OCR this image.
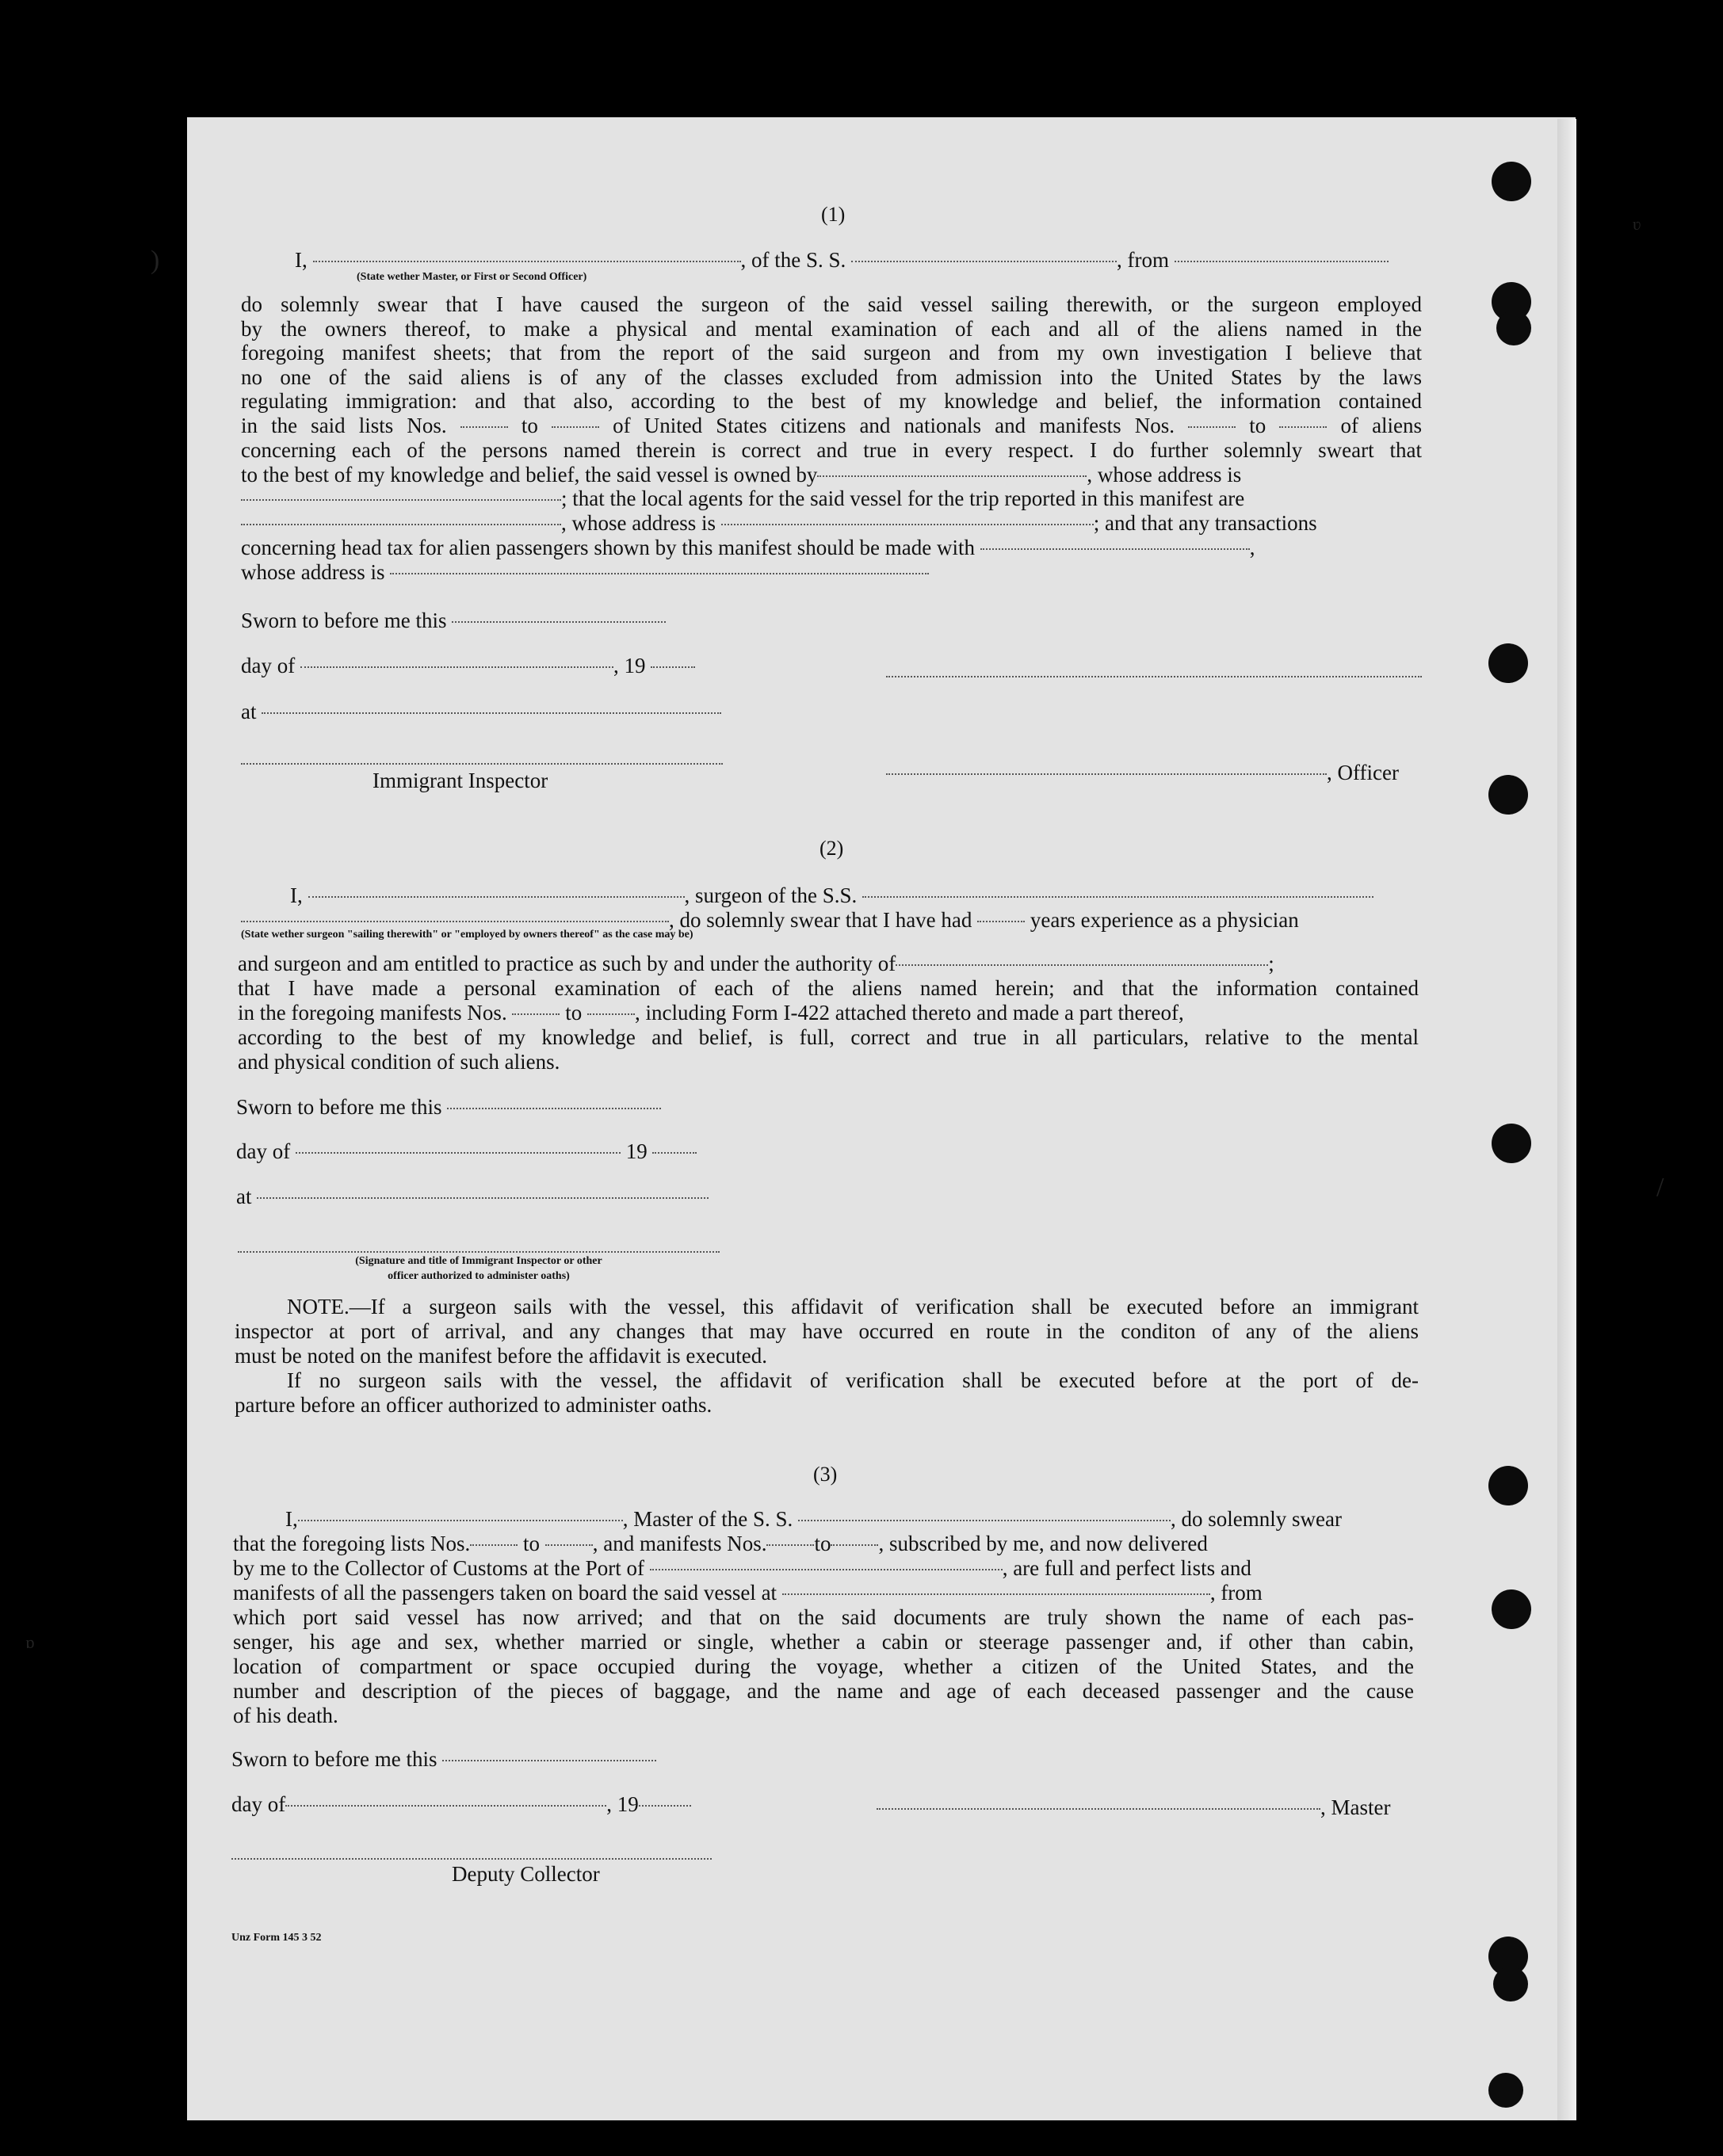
)
ʋ
/
ɒ
(1)
I,	, of the S. S.	, from
(State wether Master, or First or Second Officer)
do solemnly swear that I have caused the surgeon of the said vessel sailing therewith, or the surgeon employed
by the owners thereof, to make a physical and mental examination of each and all of the aliens named in the
foregoing manifest sheets; that from the report of the said surgeon and from my own investigation I believe that
no one of the said aliens is of any of the classes excluded from admission into the United States by the laws
regulating immigration: and that also, according to the best of my knowledge and belief, the information contained
in the said lists Nos.	to	of United States citizens and nationals and manifests Nos.	to	of aliens
concerning each of the persons named therein is correct and true in every respect. I do further solemnly sweart that
to the best of my knowledge and belief, the said vessel is owned by	, whose address is
; that the local agents for the said vessel for the trip reported in this manifest are
, whose address is	; and that any transactions
concerning head tax for alien passengers shown by this manifest should be made with	,
whose address is
Sworn to before me this
day of	, 19
at
Immigrant Inspector	, Officer
(2)
I,	, surgeon of the S.S.
, do solemnly swear that I have had	years experience as a physician
(State wether surgeon "sailing therewith" or "employed by owners thereof" as the case may be)
and surgeon and am entitled to practice as such by and under the authority of	;
that I have made a personal examination of each of the aliens named herein; and that the information contained
in the foregoing manifests Nos.	to , including Form I-422 attached thereto and made a part thereof,
according to the best of my knowledge and belief, is full, correct and true in all particulars, relative to the mental
and physical condition of such aliens.
Sworn to before me this
day of	19
at
(Signature and title of Immigrant Inspector or other
officer authorized to administer oaths)
NOTE.—If a surgeon sails with the vessel, this affidavit of verification shall be executed before an immigrant
inspector at port of arrival, and any changes that may have occurred en route in the conditon of any of the aliens
must be noted on the manifest before the affidavit is executed.
If no surgeon sails with the vessel, the affidavit of verification shall be executed before at the port of de-
parture before an officer authorized to administer oaths.
(3)
I,	, Master of the S. S.	, do solemnly swear
that the foregoing lists Nos. to , and manifests Nos. to , subscribed by me, and now delivered
by me to the Collector of Customs at the Port of	, are full and perfect lists and
manifests of all the passengers taken on board the said vessel at	, from
which port said vessel has now arrived; and that on the said documents are truly shown the name of each pas-
senger, his age and sex, whether married or single, whether a cabin or steerage passenger and, if other than cabin,
location of compartment or space occupied during the voyage, whether a citizen of the United States, and the
number and description of the pieces of baggage, and the name and age of each deceased passenger and the cause
of his death.
Sworn to before me this
day of	, 19	, Master
Deputy Collector
Unz Form 145 3 52
